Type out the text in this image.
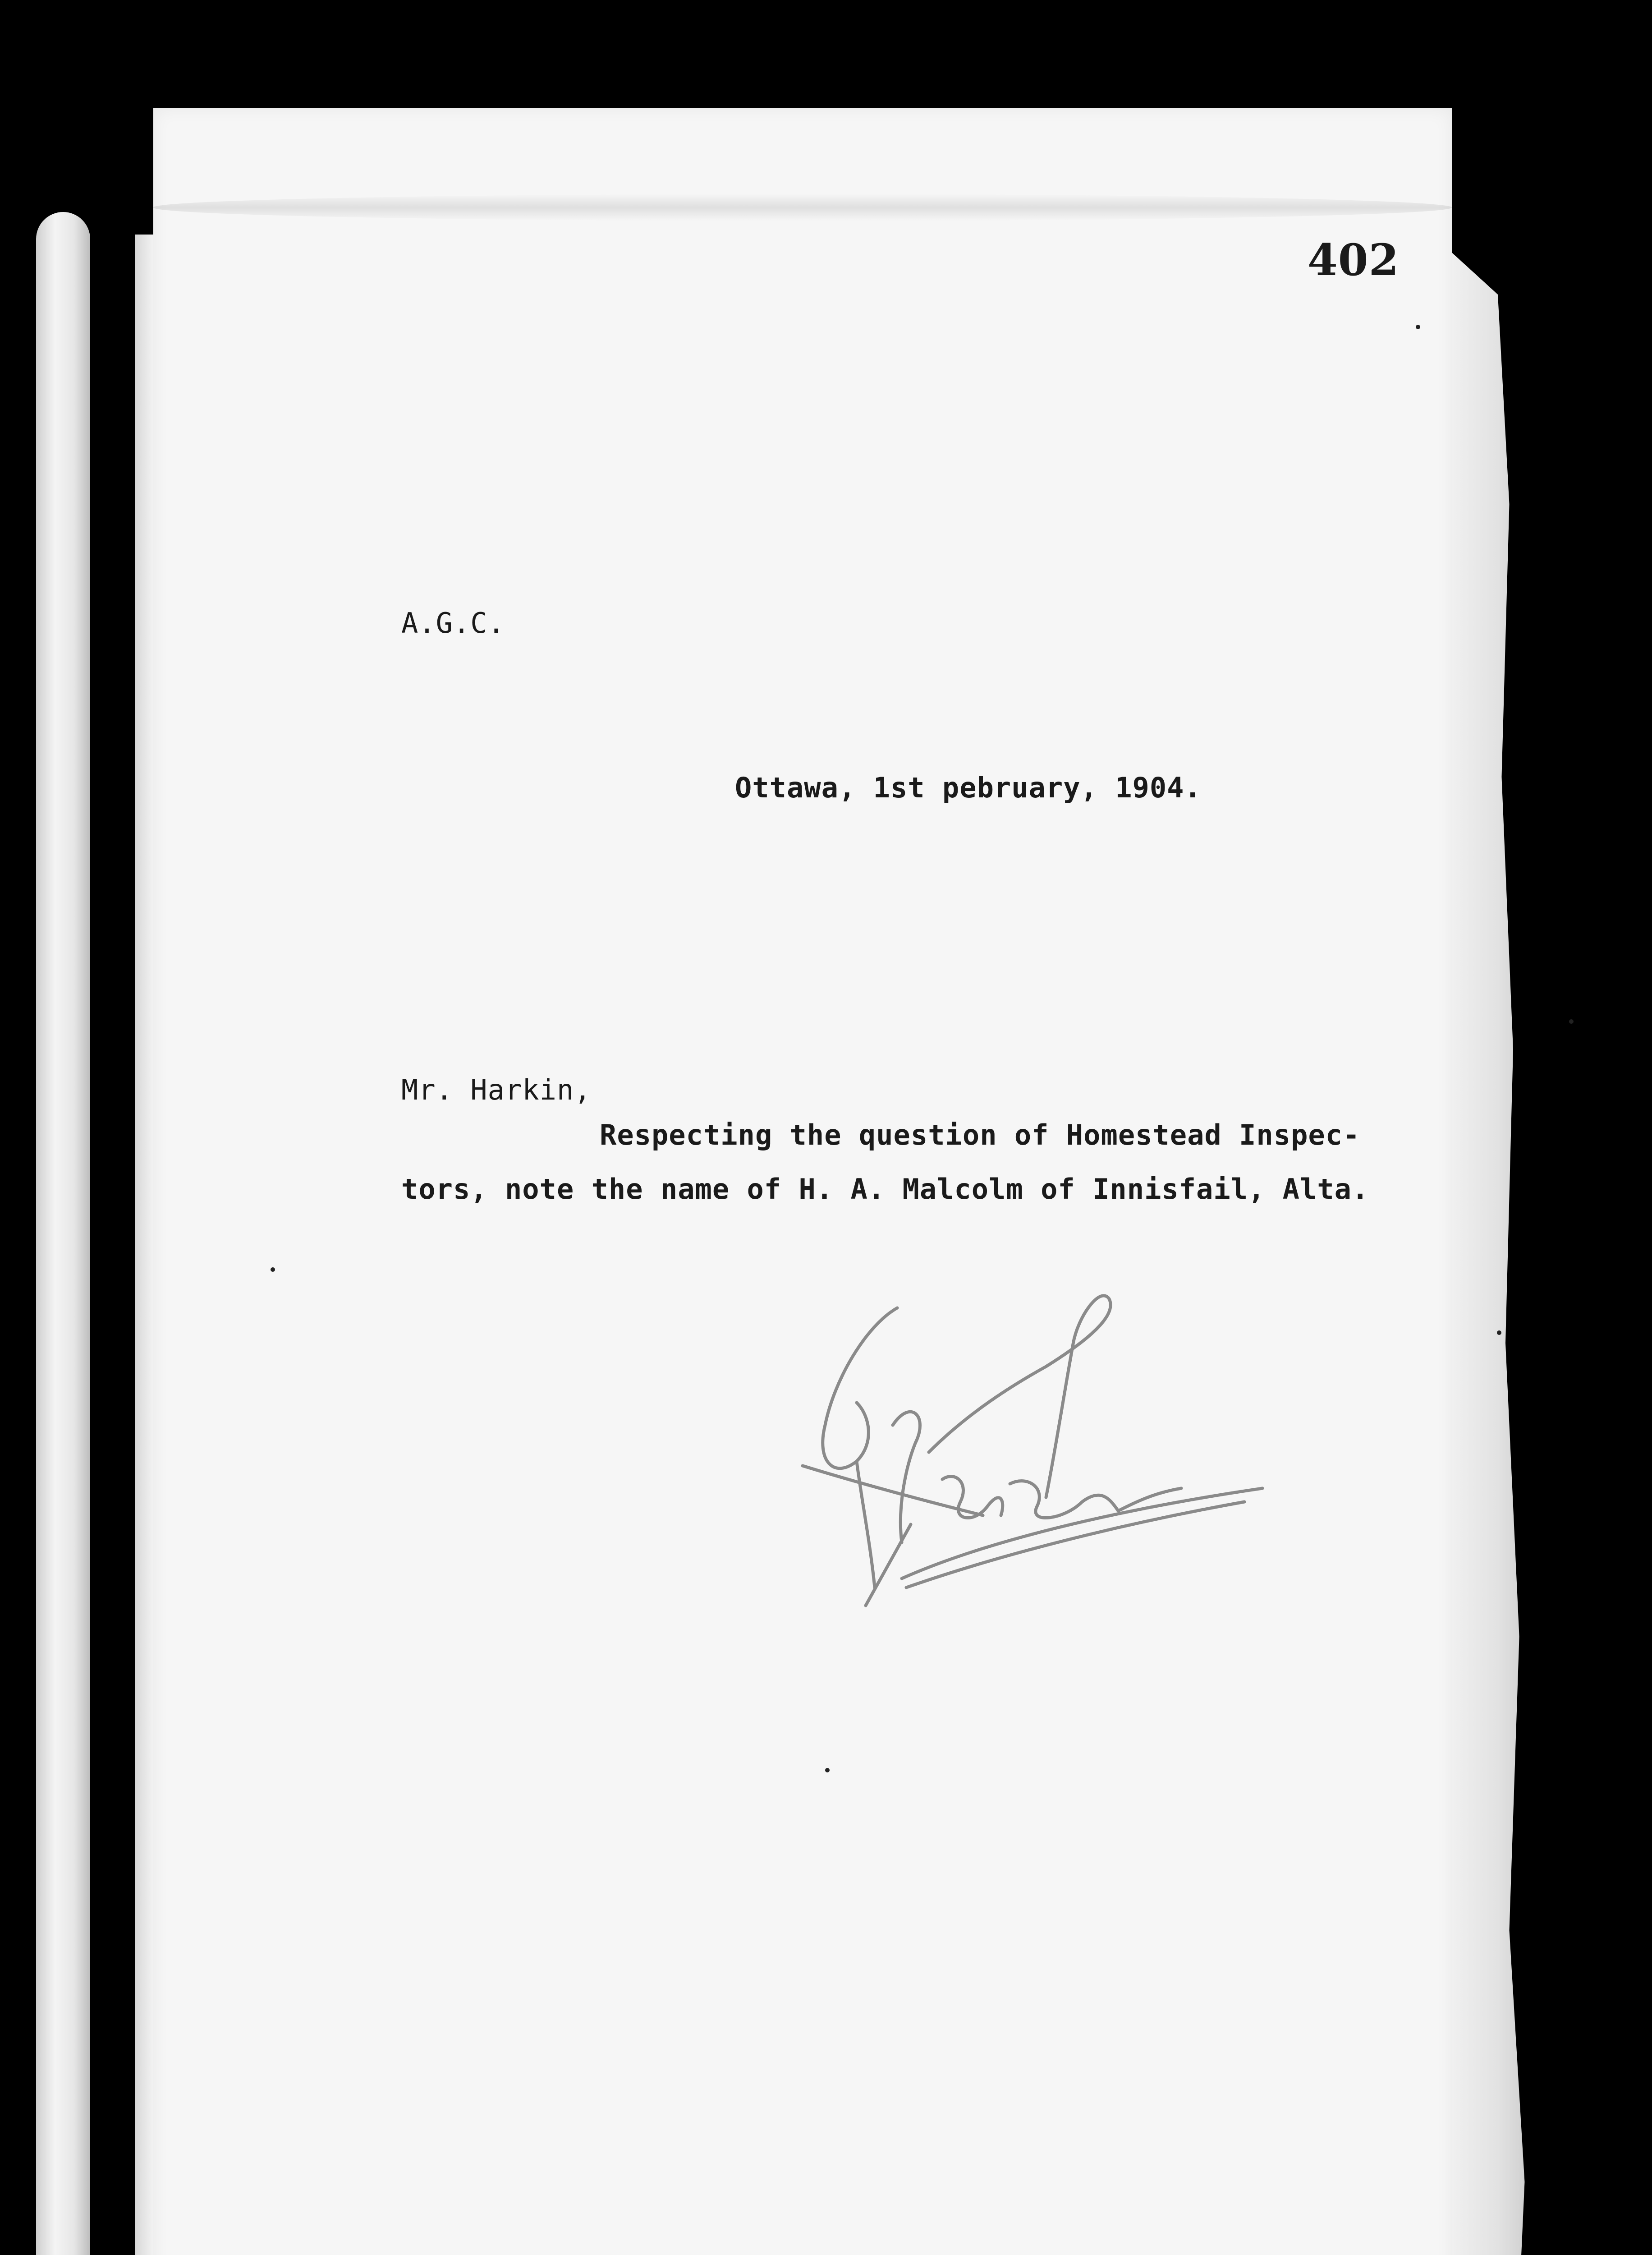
402
A.G.C.
Ottawa, 1st pebruary, 1904.
Mr. Harkin,
Respecting the question of Homestead Inspec-
tors, note the name of H. A. Malcolm of Innisfail, Alta.
